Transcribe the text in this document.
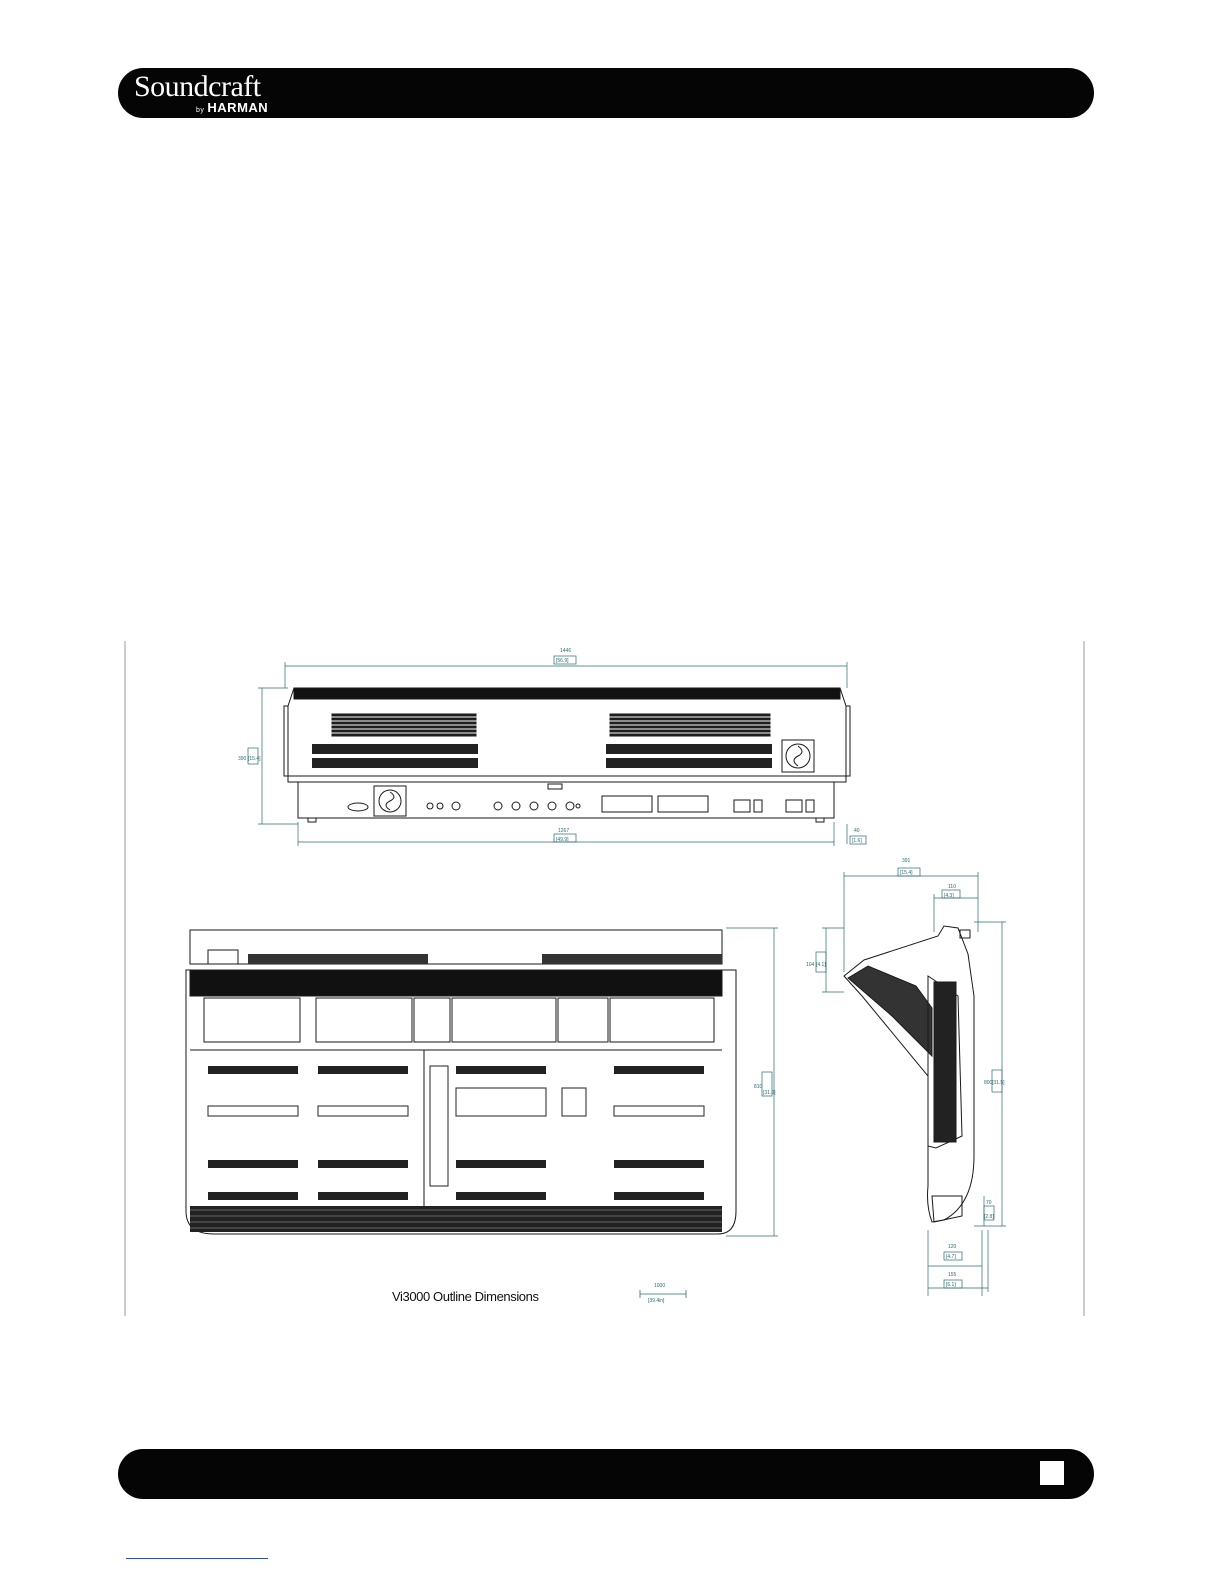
Soundcraft
by HARMAN
1446
[56.9]
1267
[49.9]
390 [15.4]
40
[1.6]
810
[31.9]
391
[15.4]
110
[4.3]
104 [4.1]
800 [31.5]
70
[2.8]
120
[4.7]
155
[6.1]
Vi3000 Outline Dimensions
1000
[39.4in]
